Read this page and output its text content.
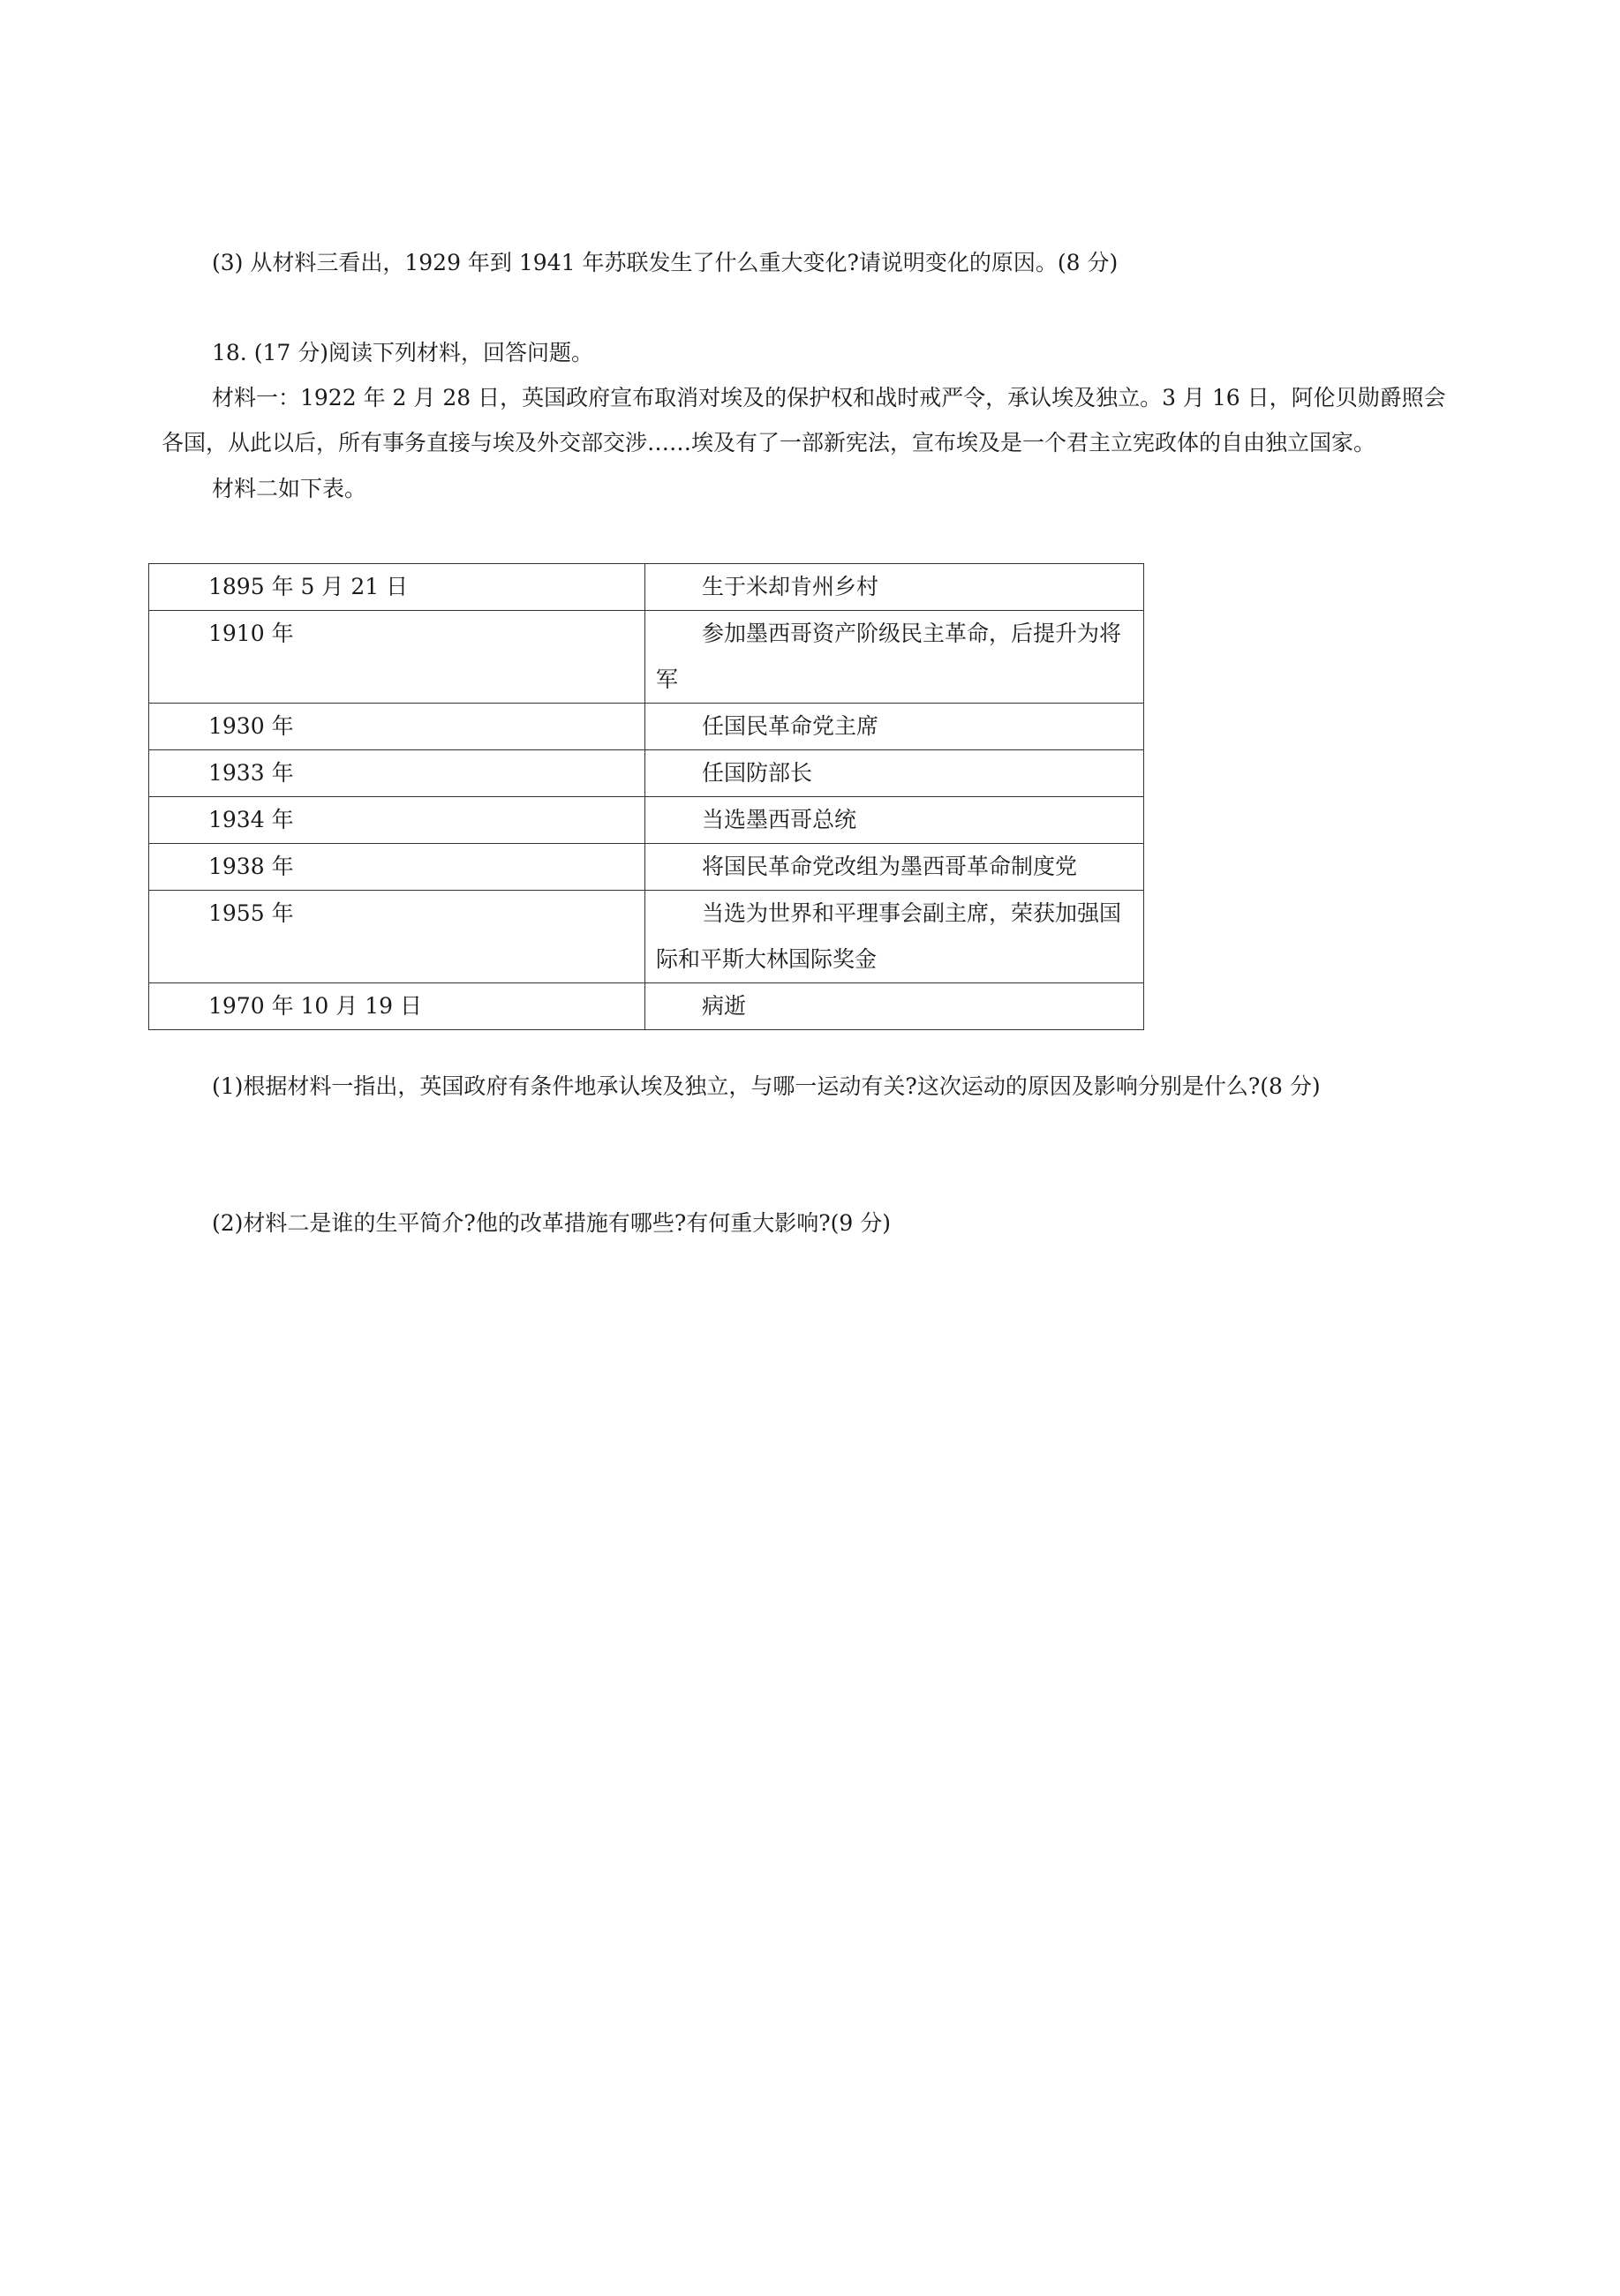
(3) 从材料三看出，1929 年到 1941 年苏联发生了什么重大变化?请说明变化的原因。(8 分)
18. (17 分)阅读下列材料，回答问题。
材料一：1922 年 2 月 28 日，英国政府宣布取消对埃及的保护权和战时戒严令，承认埃及独立。3 月 16 日，阿伦贝勋爵照会
各国，从此以后，所有事务直接与埃及外交部交涉……埃及有了一部新宪法，宣布埃及是一个君主立宪政体的自由独立国家。
材料二如下表。
1895 年 5 月 21 日	生于米却肯州乡村
1910 年	参加墨西哥资产阶级民主革命，后提升为将军
1930 年	任国民革命党主席
1933 年	任国防部长
1934 年	当选墨西哥总统
1938 年	将国民革命党改组为墨西哥革命制度党
1955 年	当选为世界和平理事会副主席，荣获加强国际和平斯大林国际奖金
1970 年 10 月 19 日	病逝
(1)根据材料一指出，英国政府有条件地承认埃及独立，与哪一运动有关?这次运动的原因及影响分别是什么?(8 分)
(2)材料二是谁的生平简介?他的改革措施有哪些?有何重大影响?(9 分)
